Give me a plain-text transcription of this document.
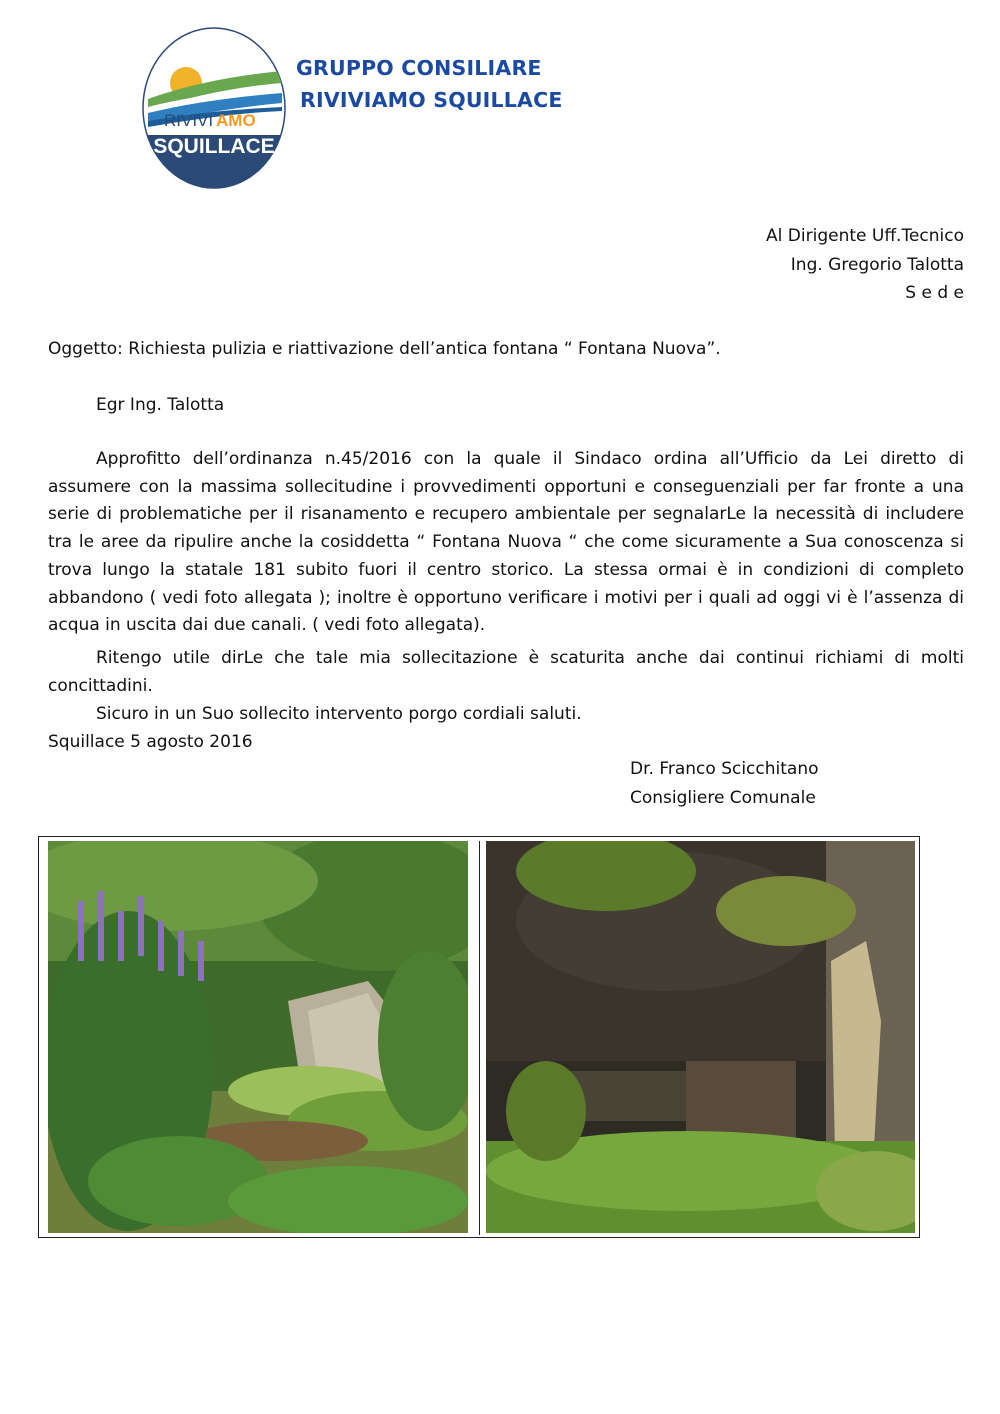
RIVIVI AMO
SQUILLACE
GRUPPO CONSILIARE
RIVIVIAMO SQUILLACE
Al Dirigente Uff.Tecnico
Ing. Gregorio Talotta
S e d e
Oggetto: Richiesta pulizia e riattivazione dell’antica fontana “ Fontana Nuova”.
Egr Ing. Talotta
Approfitto dell’ordinanza n.45/2016 con la quale il Sindaco ordina all’Ufficio da Lei diretto di assumere con la massima sollecitudine i provvedimenti opportuni e conseguenziali per far fronte a una serie di problematiche per il risanamento e recupero ambientale per segnalarLe la necessità di includere tra le aree da ripulire anche la cosiddetta “ Fontana Nuova “ che come sicuramente a Sua conoscenza si trova lungo la statale 181 subito fuori il centro storico. La stessa ormai è in condizioni di completo abbandono ( vedi foto allegata ); inoltre è opportuno verificare i motivi per i quali ad oggi vi è l’assenza di acqua in uscita dai due canali. ( vedi foto allegata).
Ritengo utile dirLe che tale mia sollecitazione è scaturita anche dai continui richiami di molti concittadini.
Sicuro in un Suo sollecito intervento porgo cordiali saluti.
Squillace 5 agosto 2016
Dr. Franco Scicchitano
Consigliere Comunale
